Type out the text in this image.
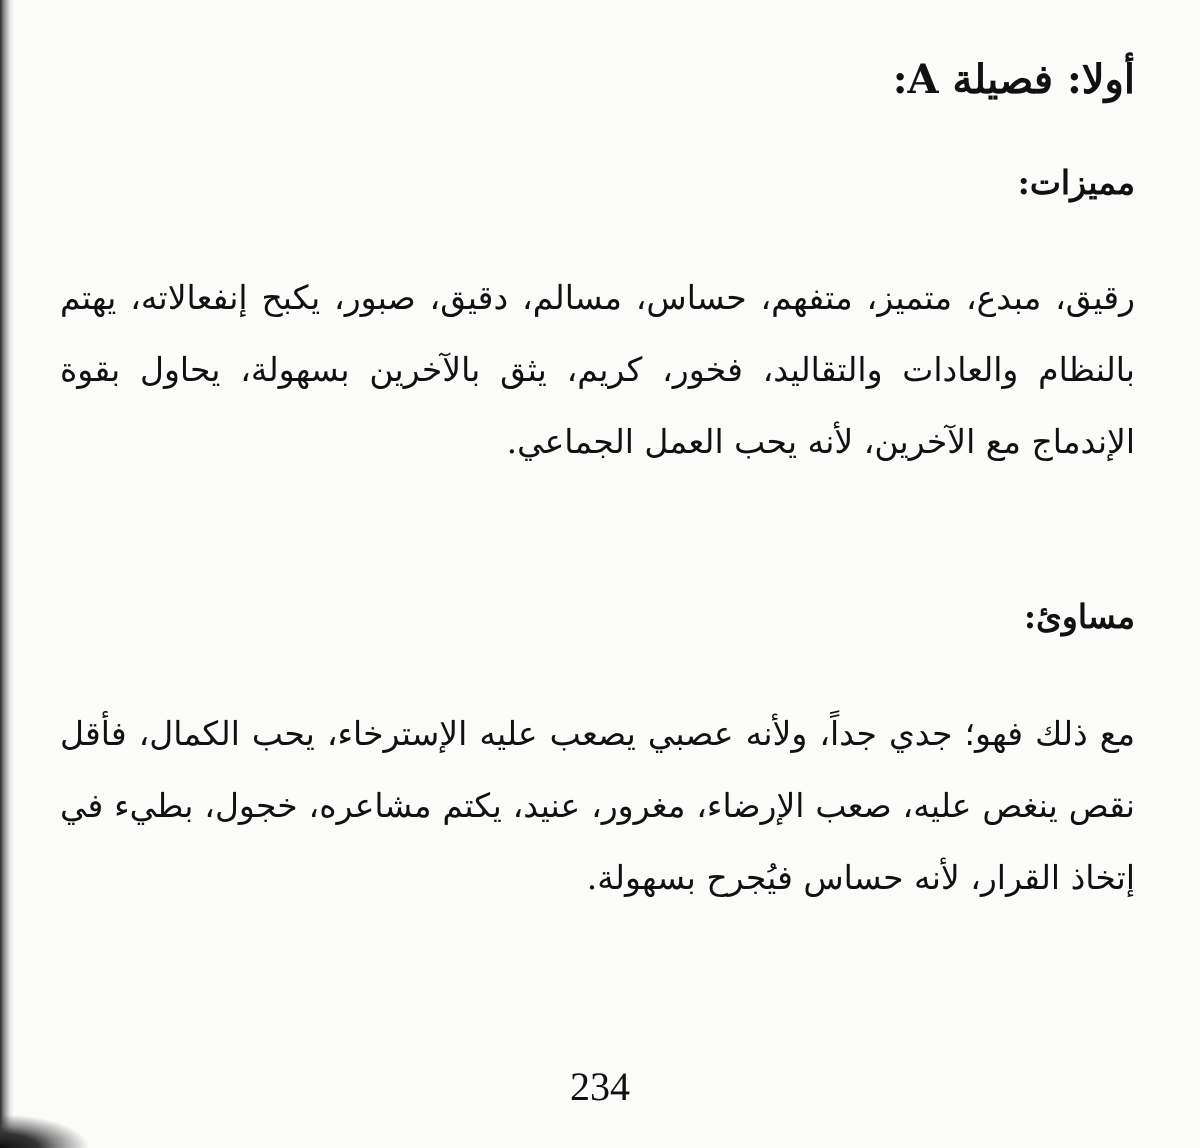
أولا: فصيلة A:
مميزات:

رقيق، مبدع، متميز، متفهم، حساس، مسالم، دقيق، صبور، يكبح إنفعالاته، يهتم بالنظام والعادات والتقاليد، فخور، كريم، يثق بالآخرين بسهولة، يحاول بقوة الإندماج مع الآخرين، لأنه يحب العمل الجماعي.

مساوئ:

مع ذلك فهو؛ جدي جداً، ولأنه عصبي يصعب عليه الإسترخاء، يحب الكمال، فأقل نقص ينغص عليه، صعب الإرضاء، مغرور، عنيد، يكتم مشاعره، خجول، بطيء في إتخاذ القرار، لأنه حساس فيُجرح بسهولة.

234
